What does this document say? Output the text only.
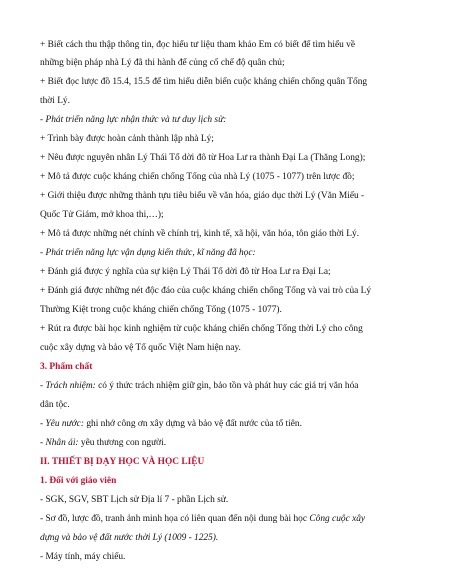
+ Biết cách thu thập thông tin, đọc hiểu tư liệu tham khảo Em có biết để tìm hiểu về
những biện pháp nhà Lý đã thi hành để củng cố chế độ quân chủ;
+ Biết đọc lược đồ 15.4, 15.5 để tìm hiểu diễn biến cuộc kháng chiến chống quân Tống
thời Lý.
- Phát triển năng lực nhận thức và tư duy lịch sử:
+ Trình bày được hoàn cảnh thành lập nhà Lý;
+ Nêu được nguyên nhân Lý Thái Tổ dời đô từ Hoa Lư ra thành Đại La (Thăng Long);
+ Mô tả được cuộc kháng chiến chống Tống của nhà Lý (1075 - 1077) trên lược đồ;
+ Giới thiệu được những thành tựu tiêu biểu về văn hóa, giáo dục thời Lý (Văn Miếu -
Quốc Tử Giám, mở khoa thi,…);
+ Mô tả được những nét chính về chính trị, kinh tế, xã hội, văn hóa, tôn giáo thời Lý.
- Phát triển năng lực vận dụng kiến thức, kĩ năng đã học:
+ Đánh giá được ý nghĩa của sự kiện Lý Thái Tổ dời đô từ Hoa Lư ra Đại La;
+ Đánh giá được những nét độc đáo của cuộc kháng chiến chống Tống và vai trò của Lý
Thường Kiệt trong cuộc kháng chiến chống Tống (1075 - 1077).
+ Rút ra được bài học kinh nghiệm từ cuộc kháng chiến chống Tống thời Lý cho công
cuộc xây dựng và bảo vệ Tổ quốc Việt Nam hiện nay.
3. Phẩm chất
- Trách nhiệm: có ý thức trách nhiệm giữ gìn, bảo tồn và phát huy các giá trị văn hóa
dân tộc.
- Yêu nước: ghi nhớ công ơn xây dựng và bảo vệ đất nước của tổ tiên.
- Nhân ái: yêu thương con người.
II. THIẾT BỊ DẠY HỌC VÀ HỌC LIỆU
1. Đối với giáo viên
- SGK, SGV, SBT Lịch sử Địa lí 7 - phần Lịch sử.
- Sơ đồ, lược đồ, tranh ảnh minh họa có liên quan đến nội dung bài học Công cuộc xây
dựng và bảo vệ đất nước thời Lý (1009 - 1225).
- Máy tính, máy chiếu.
